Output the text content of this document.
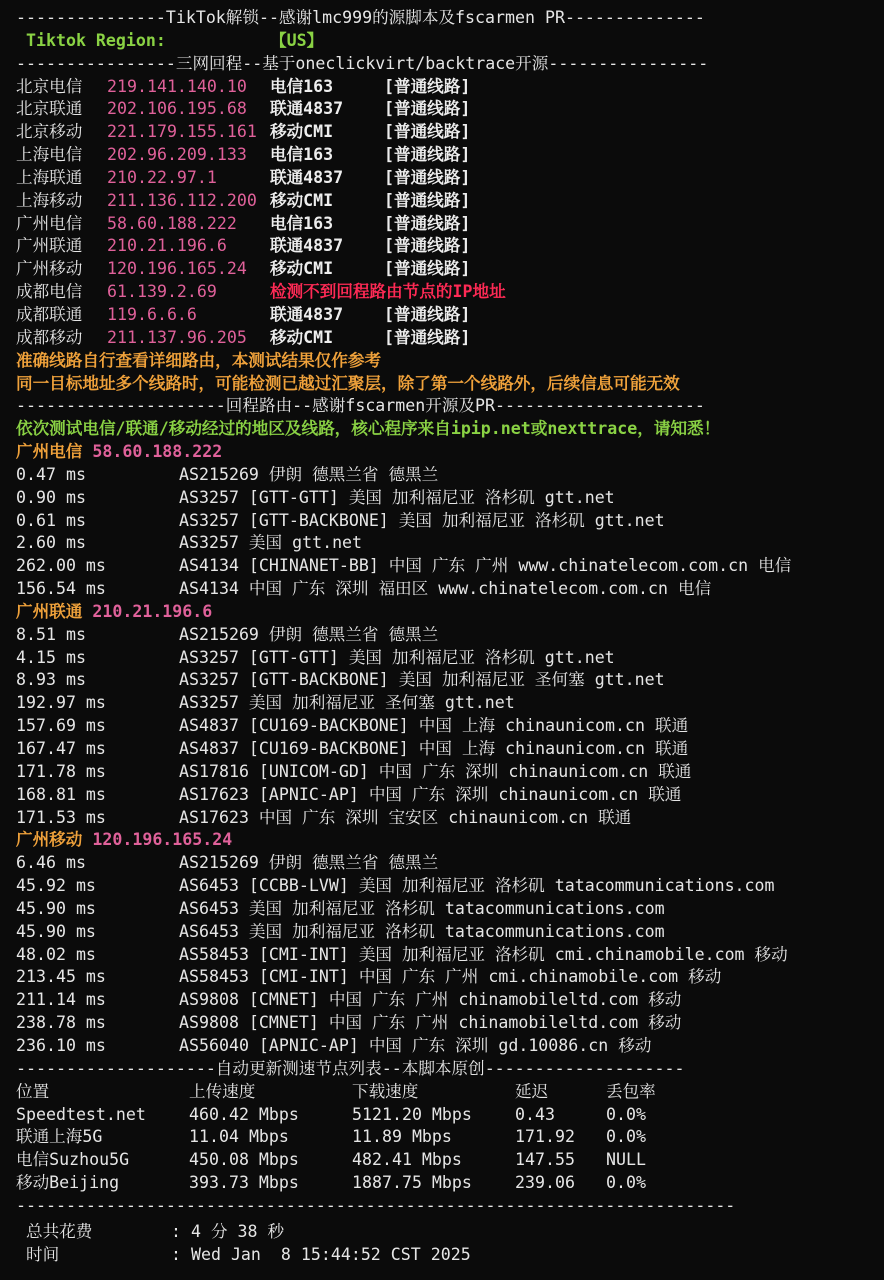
---------------TikTok解锁--感谢lmc999的源脚本及fscarmen PR--------------
Tiktok Region:	【US】
----------------三网回程--基于oneclickvirt/backtrace开源----------------
北京电信 219.141.140.10 电信163	[普通线路]
北京联通 202.106.195.68 联通4837 [普通线路]
北京移动 221.179.155.161 移动CMI	[普通线路]
上海电信 202.96.209.133 电信163	[普通线路]
上海联通 210.22.97.1	联通4837 [普通线路]
上海移动 211.136.112.200 移动CMI	[普通线路]
广州电信 58.60.188.222 电信163	[普通线路]
广州联通 210.21.196.6	联通4837 [普通线路]
广州移动 120.196.165.24 移动CMI	[普通线路]
成都电信 61.139.2.69	检测不到回程路由节点的IP地址
成都联通 119.6.6.6	联通4837 [普通线路]
成都移动 211.137.96.205 移动CMI	[普通线路]
准确线路自行查看详细路由，本测试结果仅作参考
同一目标地址多个线路时，可能检测已越过汇聚层，除了第一个线路外，后续信息可能无效
---------------------回程路由--感谢fscarmen开源及PR---------------------
依次测试电信/联通/移动经过的地区及线路，核心程序来自ipip.net或nexttrace，请知悉！
广州电信 58.60.188.222
0.47 ms	AS215269 伊朗 德黑兰省 德黑兰
0.90 ms	AS3257 [GTT-GTT] 美国 加利福尼亚 洛杉矶 gtt.net
0.61 ms	AS3257 [GTT-BACKBONE] 美国 加利福尼亚 洛杉矶 gtt.net
2.60 ms	AS3257 美国 gtt.net
262.00 ms	AS4134 [CHINANET-BB] 中国 广东 广州 www.chinatelecom.com.cn 电信
156.54 ms	AS4134 中国 广东 深圳 福田区 www.chinatelecom.com.cn 电信
广州联通 210.21.196.6
8.51 ms	AS215269 伊朗 德黑兰省 德黑兰
4.15 ms	AS3257 [GTT-GTT] 美国 加利福尼亚 洛杉矶 gtt.net
8.93 ms	AS3257 [GTT-BACKBONE] 美国 加利福尼亚 圣何塞 gtt.net
192.97 ms	AS3257 美国 加利福尼亚 圣何塞 gtt.net
157.69 ms	AS4837 [CU169-BACKBONE] 中国 上海 chinaunicom.cn 联通
167.47 ms	AS4837 [CU169-BACKBONE] 中国 上海 chinaunicom.cn 联通
171.78 ms	AS17816 [UNICOM-GD] 中国 广东 深圳 chinaunicom.cn 联通
168.81 ms	AS17623 [APNIC-AP] 中国 广东 深圳 chinaunicom.cn 联通
171.53 ms	AS17623 中国 广东 深圳 宝安区 chinaunicom.cn 联通
广州移动 120.196.165.24
6.46 ms	AS215269 伊朗 德黑兰省 德黑兰
45.92 ms	AS6453 [CCBB-LVW] 美国 加利福尼亚 洛杉矶 tatacommunications.com
45.90 ms	AS6453 美国 加利福尼亚 洛杉矶 tatacommunications.com
45.90 ms	AS6453 美国 加利福尼亚 洛杉矶 tatacommunications.com
48.02 ms	AS58453 [CMI-INT] 美国 加利福尼亚 洛杉矶 cmi.chinamobile.com 移动
213.45 ms	AS58453 [CMI-INT] 中国 广东 广州 cmi.chinamobile.com 移动
211.14 ms	AS9808 [CMNET] 中国 广东 广州 chinamobileltd.com 移动
238.78 ms	AS9808 [CMNET] 中国 广东 广州 chinamobileltd.com 移动
236.10 ms	AS56040 [APNIC-AP] 中国 广东 深圳 gd.10086.cn 移动
--------------------自动更新测速节点列表--本脚本原创--------------------
位置	上传速度	下载速度	延迟	丢包率
Speedtest.net	460.42 Mbps	5121.20 Mbps	0.43	0.0%
联通上海5G	11.04 Mbps	11.89 Mbps	171.92 0.0%
电信Suzhou5G	450.08 Mbps	482.41 Mbps	147.55 NULL
移动Beijing	393.73 Mbps	1887.75 Mbps	239.06 0.0%
------------------------------------------------------------------------
总共花费	: 4 分 38 秒
时间	: Wed Jan  8 15:44:52 CST 2025
